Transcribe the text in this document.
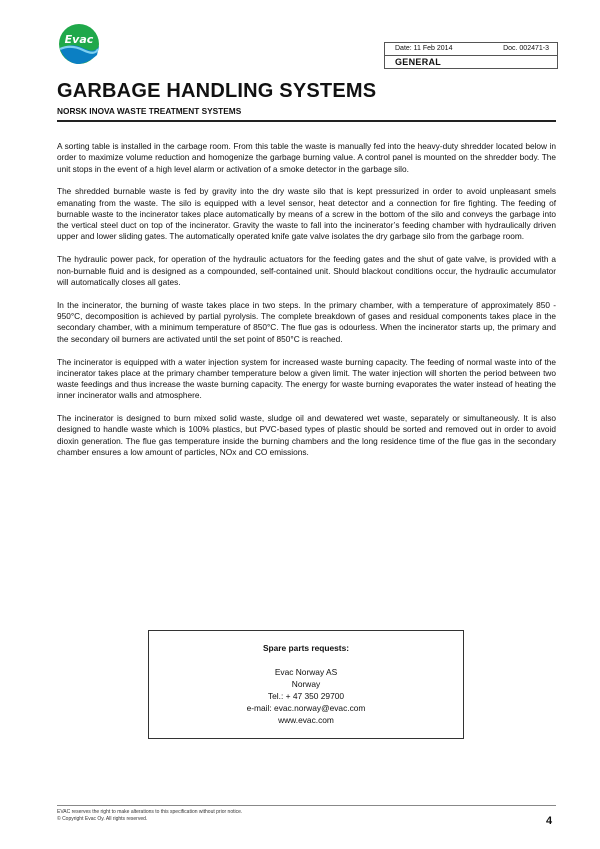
Evac
Date: 11 Feb 2014	Doc. 002471-3
GENERAL
GARBAGE HANDLING SYSTEMS
NORSK INOVA WASTE TREATMENT SYSTEMS

A sorting table is installed in the carbage room. From this table the waste is manually fed into the heavy-duty shredder located below in order to maximize volume reduction and homogenize the garbage burning value. A control panel is mounted on the shredder body. The unit stops in the event of a high level alarm or activation of a smoke detector in the garbage silo.

The shredded burnable waste is fed by gravity into the dry waste silo that is kept pressurized in order to avoid unpleasant smels emanating from the waste. The silo is equipped with a level sensor, heat detector and a connection for fire fighting. The feeding of burnable waste to the incinerator takes place automatically by means of a screw in the bottom of the silo and conveys the garbage into the vertical steel duct on top of the incinerator. Gravity the waste to fall into the incinerator’s feeding chamber with hydraulically driven upper and lower sliding gates. The automatically operated knife gate valve isolates the dry garbage silo from the garbage room.

The hydraulic power pack, for operation of the hydraulic actuators for the feeding gates and the shut of gate valve, is provided with a non-burnable fluid and is designed as a compounded, self-contained unit. Should blackout conditions occur, the hydraulic accumulator will automatically closes all gates.

In the incinerator, the burning of waste takes place in two steps. In the primary chamber, with a temperature of approximately 850 - 950°C, decomposition is achieved by partial pyrolysis. The complete breakdown of gases and residual components takes place in the secondary chamber, with a minimum temperature of 850°C. The flue gas is odourless. When the incinerator starts up, the primary and the secondary oil burners are activated until the set point of 850°C is reached.

The incinerator is equipped with a water injection system for increased waste burning capacity. The feeding of normal waste into of the incinerator takes place at the primary chamber temperature below a given limit. The water injection will shorten the period between two waste feedings and thus increase the waste burning capacity. The energy for waste burning evaporates the water instead of heating the inner incinerator walls and atmosphere.

The incinerator is designed to burn mixed solid waste, sludge oil and dewatered wet waste, separately or simultaneously. It is also designed to handle waste which is 100% plastics, but PVC-based types of plastic should be sorted and removed out in order to avoid dioxin generation. The flue gas temperature inside the burning chambers and the long residence time of the flue gas in the secondary chamber ensures a low amount of particles, NOx and CO emissions.

Spare parts requests:
Evac Norway AS
Norway
Tel.: + 47 350 29700
e-mail: evac.norway@evac.com
www.evac.com
EVAC reserves the right to make alterations to this specification without prior notice.
© Copyright Evac Oy. All rights reserved.	4
